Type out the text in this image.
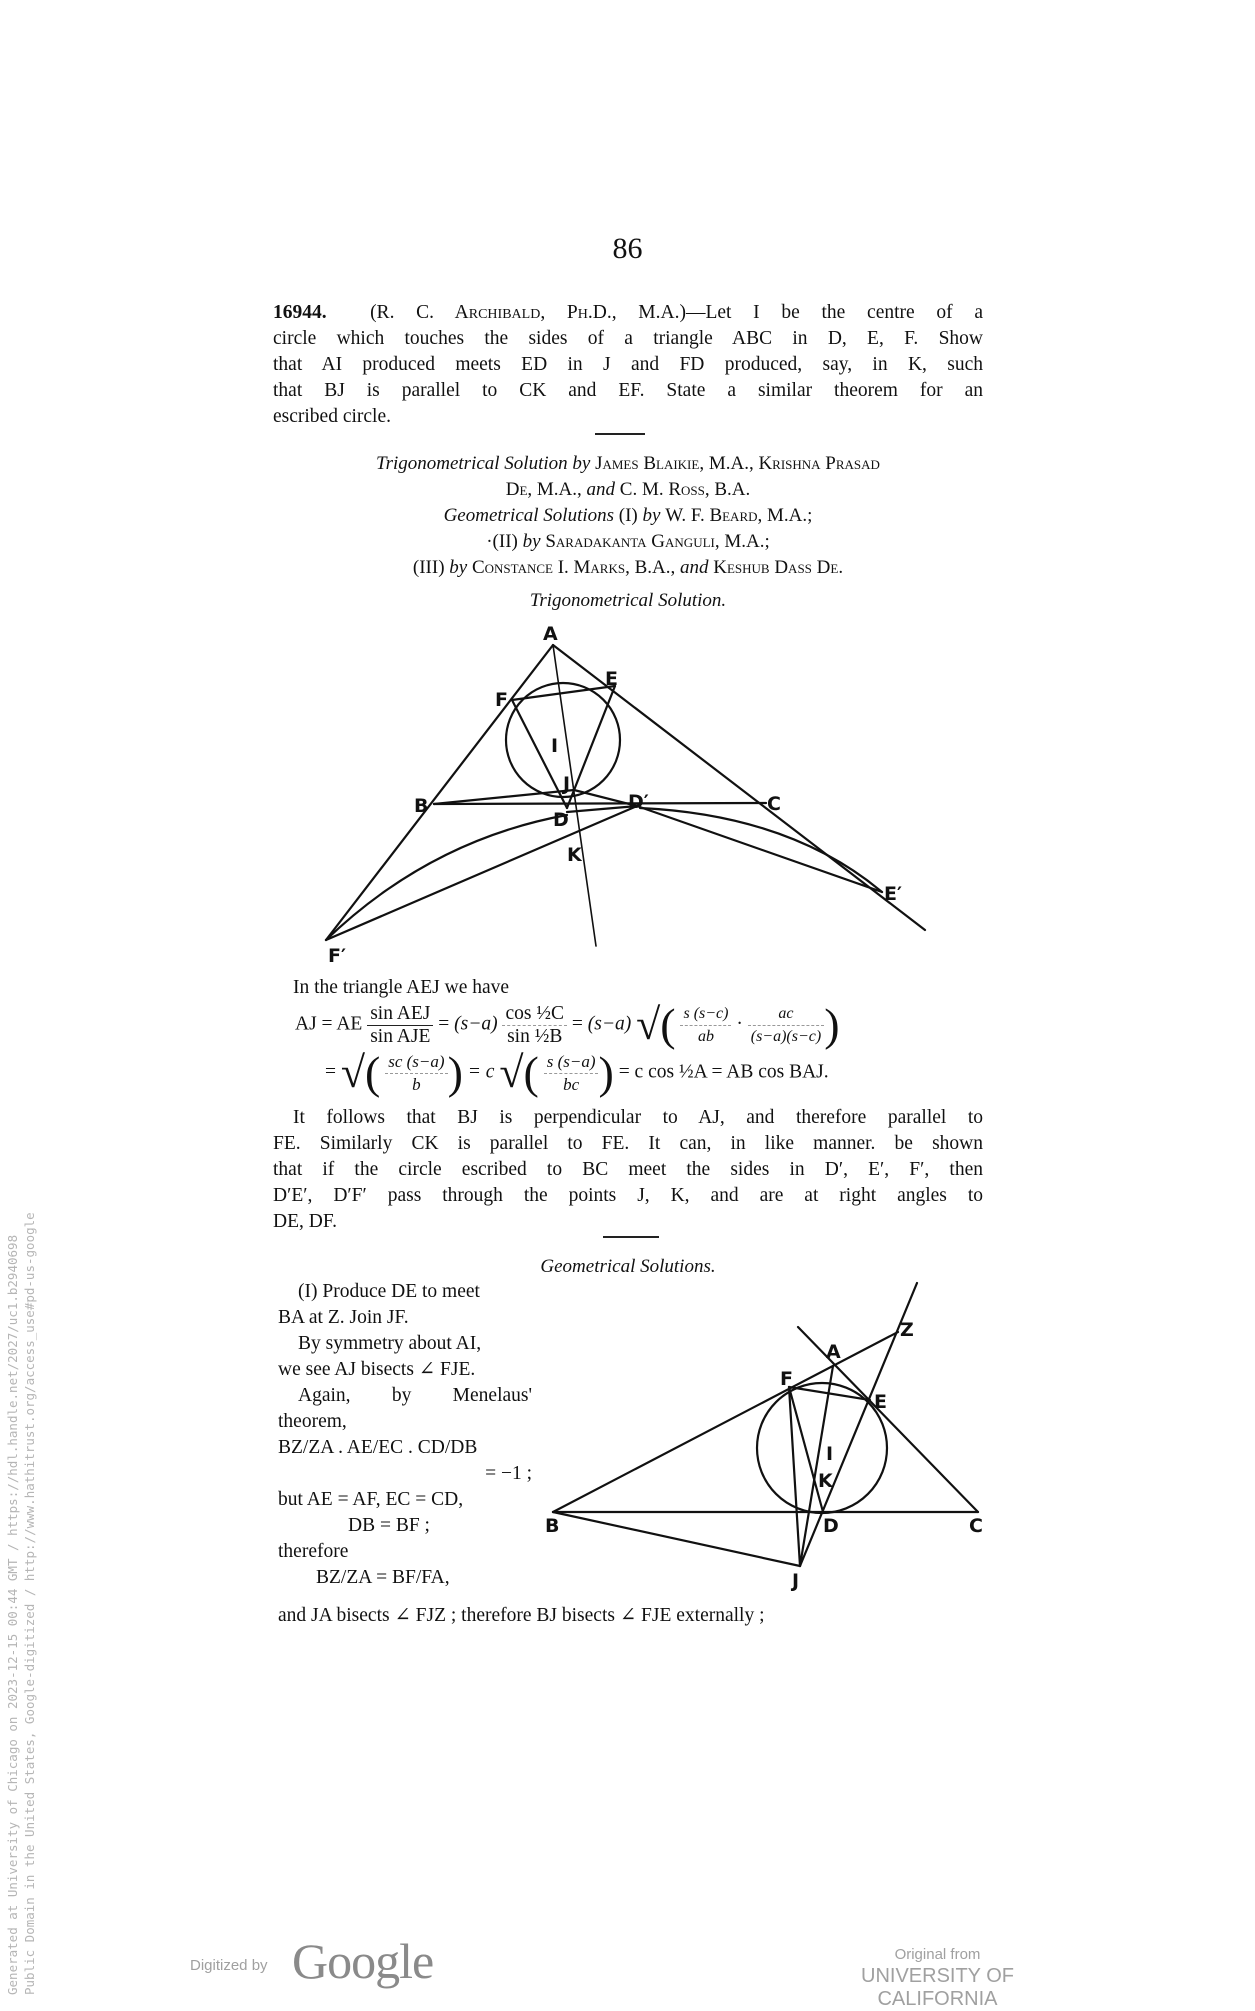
86
16944. (R. C. Archibald, Ph.D., M.A.)—Let I be the centre of a
circle which touches the sides of a triangle ABC in D, E, F. Show
that AI produced meets ED in J and FD produced, say, in K, such
that BJ is parallel to CK and EF. State a similar theorem for an
escribed circle.
Trigonometrical Solution by James Blaikie, M.A., Krishna Prasad
De, M.A., and C. M. Ross, B.A.
Geometrical Solutions (I) by W. F. Beard, M.A.;
·(II) by Saradakanta Ganguli, M.A.;
(III) by Constance I. Marks, B.A., and Keshub Dass De.
Trigonometrical Solution.
A
E
F
I
J
B
D
D′	C
K
E′
F′
Z
A
F
E
I
K
B	D	C
J
In the triangle AEJ we have
AJ = AE $\frac{\text{sin AEJ}}{\text{sin AJE}} = (s-a) \frac{\text{cos ½C}}{\text{sin ½B}} = (s-a)$ √( $\frac{s (s-c)}{ab} \cdot \frac{ac}{(s-a)(s-c)}$ )
= √( $\frac{sc (s-a)}{b}$ ) = c √( $\frac{s (s-a)}{bc}$ ) = c cos ½A = AB cos BAJ.
It follows that BJ is perpendicular to AJ, and therefore parallel to
FE. Similarly CK is parallel to FE. It can, in like manner. be shown
that if the circle escribed to BC meet the sides in D′, E′, F′, then
D′E′, D′F′ pass through the points J, K, and are at right angles to
DE, DF.
Geometrical Solutions.
(I) Produce DE to meet
BA at Z. Join JF.
By symmetry about AI,
we see AJ bisects ∠ FJE.
Again, by Menelaus'
theorem,
BZ/ZA . AE/EC . CD/DB
= −1 ;
but AE = AF, EC = CD,
DB = BF ;
therefore
BZ/ZA = BF/FA,
and JA bisects ∠ FJZ ; therefore BJ bisects ∠ FJE externally ;
Generated at University of Chicago on 2023-12-15 00:44 GMT / https://hdl.handle.net/2027/uc1.b2940698 Public Domain in the United States, Google-digitized / http://www.hathitrust.org/access_use#pd-us-google	Digitized by Google	Original from
UNIVERSITY OF CALIFORNIA
